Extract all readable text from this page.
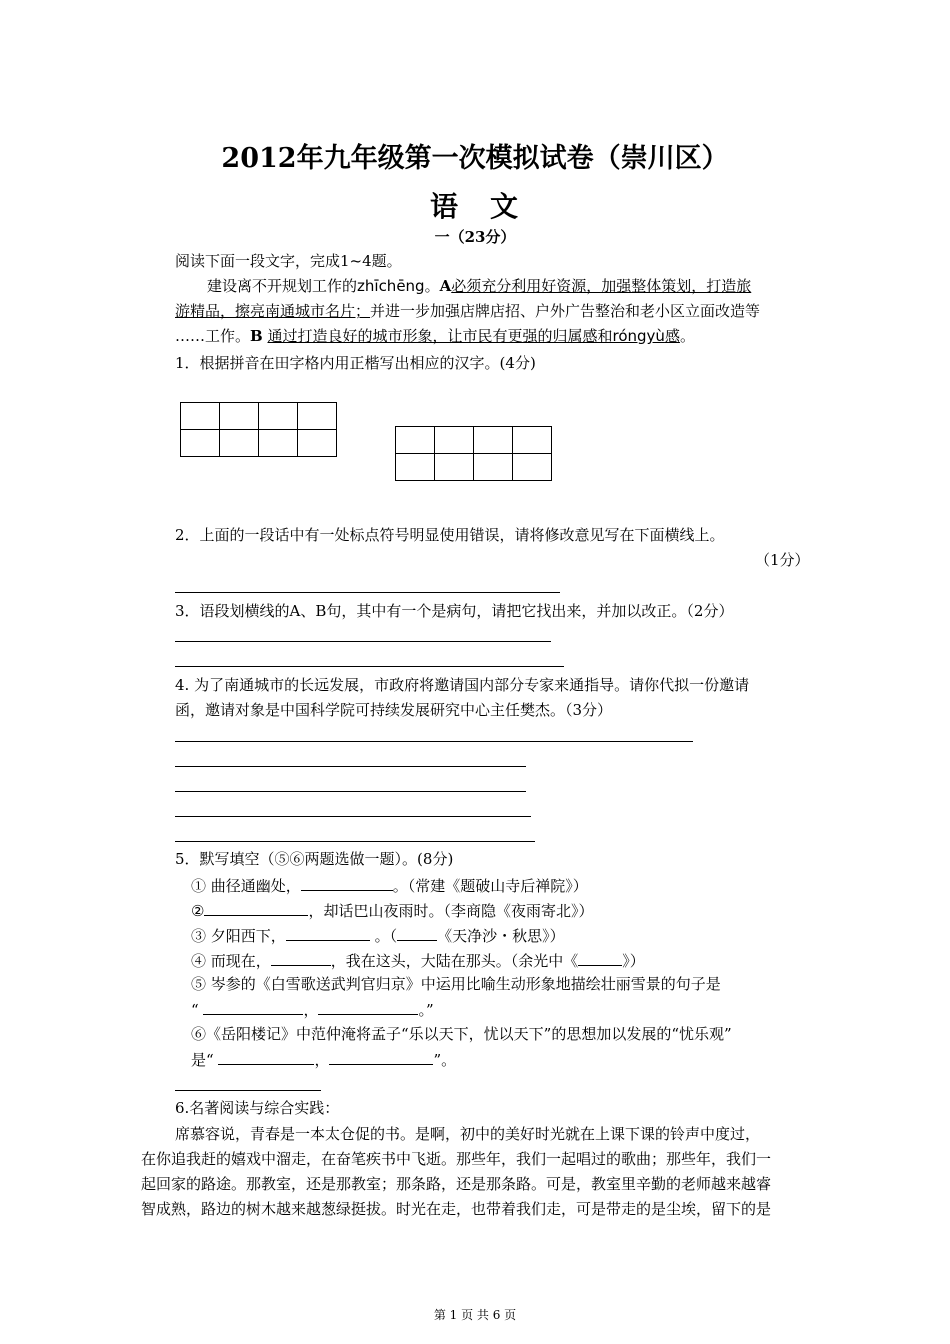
2012年九年级第一次模拟试卷（崇川区）
语　文
一（23分）
阅读下面一段文字，完成1~4题。
建设离不开规划工作的zhīchēng。A必须充分利用好资源，加强整体策划，打造旅
游精品，擦亮南通城市名片；并进一步加强店牌店招、户外广告整治和老小区立面改造等
……工作。B 通过打造良好的城市形象，让市民有更强的归属感和róngyù感。
1．根据拼音在田字格内用正楷写出相应的汉字。(4分)

2．上面的一段话中有一处标点符号明显使用错误，请将修改意见写在下面横线上。
（1分）
3．语段划横线的A、B句，其中有一个是病句，请把它找出来，并加以改正。（2分）
4. 为了南通城市的长远发展，市政府将邀请国内部分专家来通指导。请你代拟一份邀请
函，邀请对象是中国科学院可持续发展研究中心主任樊杰。（3分）
5．默写填空（⑤⑥两题选做一题）。(8分)
① 曲径通幽处，	。（常建《题破山寺后禅院》）
②	，却话巴山夜雨时。（李商隐《夜雨寄北》）
③ 夕阳西下，	。（	《天净沙・秋思》）
④ 而现在，	，我在这头，大陆在那头。（余光中《	》）
⑤ 岑参的《白雪歌送武判官归京》中运用比喻生动形象地描绘壮丽雪景的句子是
“	，	。”
⑥《岳阳楼记》中范仲淹将孟子“乐以天下，忧以天下”的思想加以发展的“忧乐观”
是“	，	”。
6.名著阅读与综合实践：
席慕容说，青春是一本太仓促的书。是啊，初中的美好时光就在上课下课的铃声中度过，
在你追我赶的嬉戏中溜走，在奋笔疾书中飞逝。那些年，我们一起唱过的歌曲；那些年，我们一
起回家的路途。那教室，还是那教室；那条路，还是那条路。可是，教室里辛勤的老师越来越睿
智成熟，路边的树木越来越葱绿挺拔。时光在走，也带着我们走，可是带走的是尘埃，留下的是
第 1 页 共 6 页
